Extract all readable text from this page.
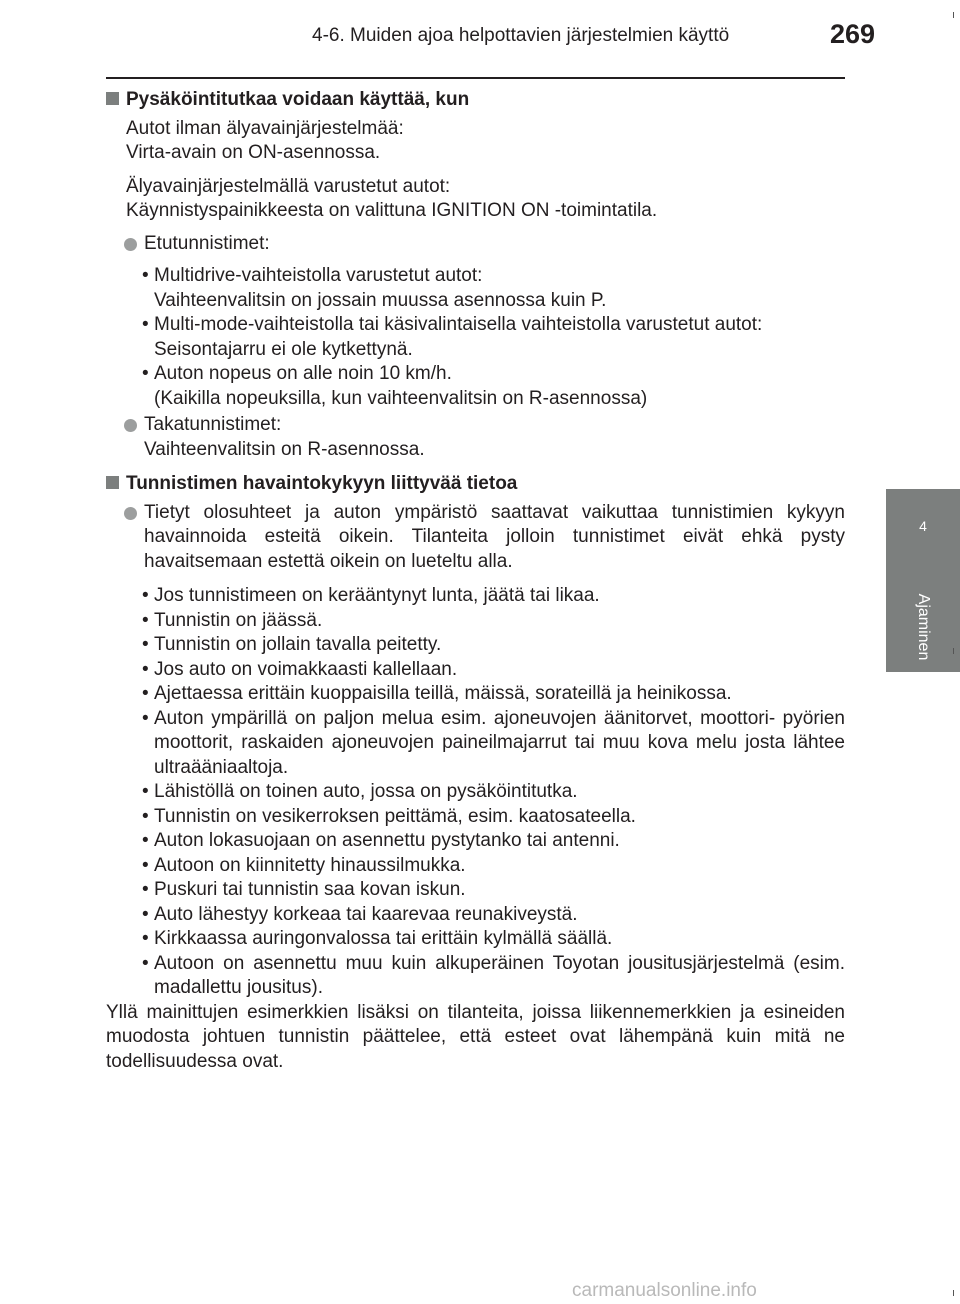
4-6. Muiden ajoa helpottavien järjestelmien käyttö	269
4
Ajaminen

Pysäköintitutkaa voidaan käyttää, kun

Autot ilman älyavainjärjestelmää:
Virta-avain on ON-asennossa.

Älyavainjärjestelmällä varustetut autot:
Käynnistyspainikkeesta on valittuna IGNITION ON -toimintatila.

Etutunnistimet:
• Multidrive-vaihteistolla varustetut autot:
Vaihteenvalitsin on jossain muussa asennossa kuin P.
• Multi-mode-vaihteistolla tai käsivalintaisella vaihteistolla varustetut autot:
Seisontajarru ei ole kytkettynä.
• Auton nopeus on alle noin 10 km/h.
(Kaikilla nopeuksilla, kun vaihteenvalitsin on R-asennossa)
Takatunnistimet:
Vaihteenvalitsin on R-asennossa.

Tunnistimen havaintokykyyn liittyvää tietoa

Tietyt olosuhteet ja auton ympäristö saattavat vaikuttaa tunnistimien kykyyn havainnoida esteitä oikein. Tilanteita jolloin tunnistimet eivät ehkä pysty havaitsemaan estettä oikein on lueteltu alla.
• Jos tunnistimeen on kerääntynyt lunta, jäätä tai likaa.
• Tunnistin on jäässä.
• Tunnistin on jollain tavalla peitetty.
• Jos auto on voimakkaasti kallellaan.
• Ajettaessa erittäin kuoppaisilla teillä, mäissä, sorateillä ja heinikossa.
• Auton ympärillä on paljon melua esim. ajoneuvojen äänitorvet, moottori- pyörien moottorit, raskaiden ajoneuvojen paineilmajarrut tai muu kova melu josta lähtee ultraääniaaltoja.
• Lähistöllä on toinen auto, jossa on pysäköintitutka.
• Tunnistin on vesikerroksen peittämä, esim. kaatosateella.
• Auton lokasuojaan on asennettu pystytanko tai antenni.
• Autoon on kiinnitetty hinaussilmukka.
• Puskuri tai tunnistin saa kovan iskun.
• Auto lähestyy korkeaa tai kaarevaa reunakiveystä.
• Kirkkaassa auringonvalossa tai erittäin kylmällä säällä.
• Autoon on asennettu muu kuin alkuperäinen Toyotan jousitusjärjestelmä (esim. madallettu jousitus).

Yllä mainittujen esimerkkien lisäksi on tilanteita, joissa liikennemerkkien ja esineiden muodosta johtuen tunnistin päättelee, että esteet ovat lähempänä kuin mitä ne todellisuudessa ovat.

carmanualsonline.info
